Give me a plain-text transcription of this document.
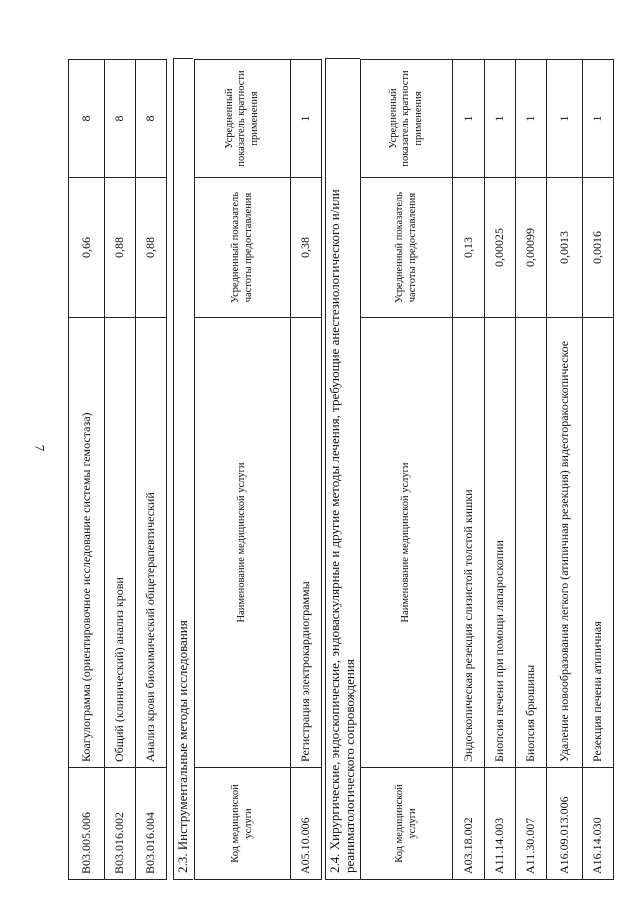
7
B03.005.006	Коагулограмма (ориентировочное исследование системы гемостаза)	0,66	8
B03.016.002	Общий (клинический) анализ крови	0,88	8
B03.016.004	Анализ крови биохимический общетерапевтический	0,88	8
2.3. Инструментальные методы исследования	Код медицинской услуги	Наименование медицинской услуги	Усредненный показатель частоты предоставления	Усредненный показатель кратности применения
A05.10.006	Регистрация электрокардиограммы	0,38	1
2.4. Хирургические, эндоскопические, эндоваскулярные и другие методы лечения, требующие анестезиологического и/или реаниматологического сопровождения	Код медицинской услуги	Наименование медицинской услуги	Усредненный показатель частоты предоставления	Усредненный показатель кратности применения
A03.18.002	Эндоскопическая резекция слизистой толстой кишки	0,13	1
A11.14.003	Биопсия печени при помощи лапароскопии	0,00025	1
A11.30.007	Биопсия брюшины	0,00099	1
A16.09.013.006	Удаление новообразования легкого (атипичная резекция) видеоторакоскопическое	0,0013	1
A16.14.030	Резекция печени атипичная	0,0016	1
